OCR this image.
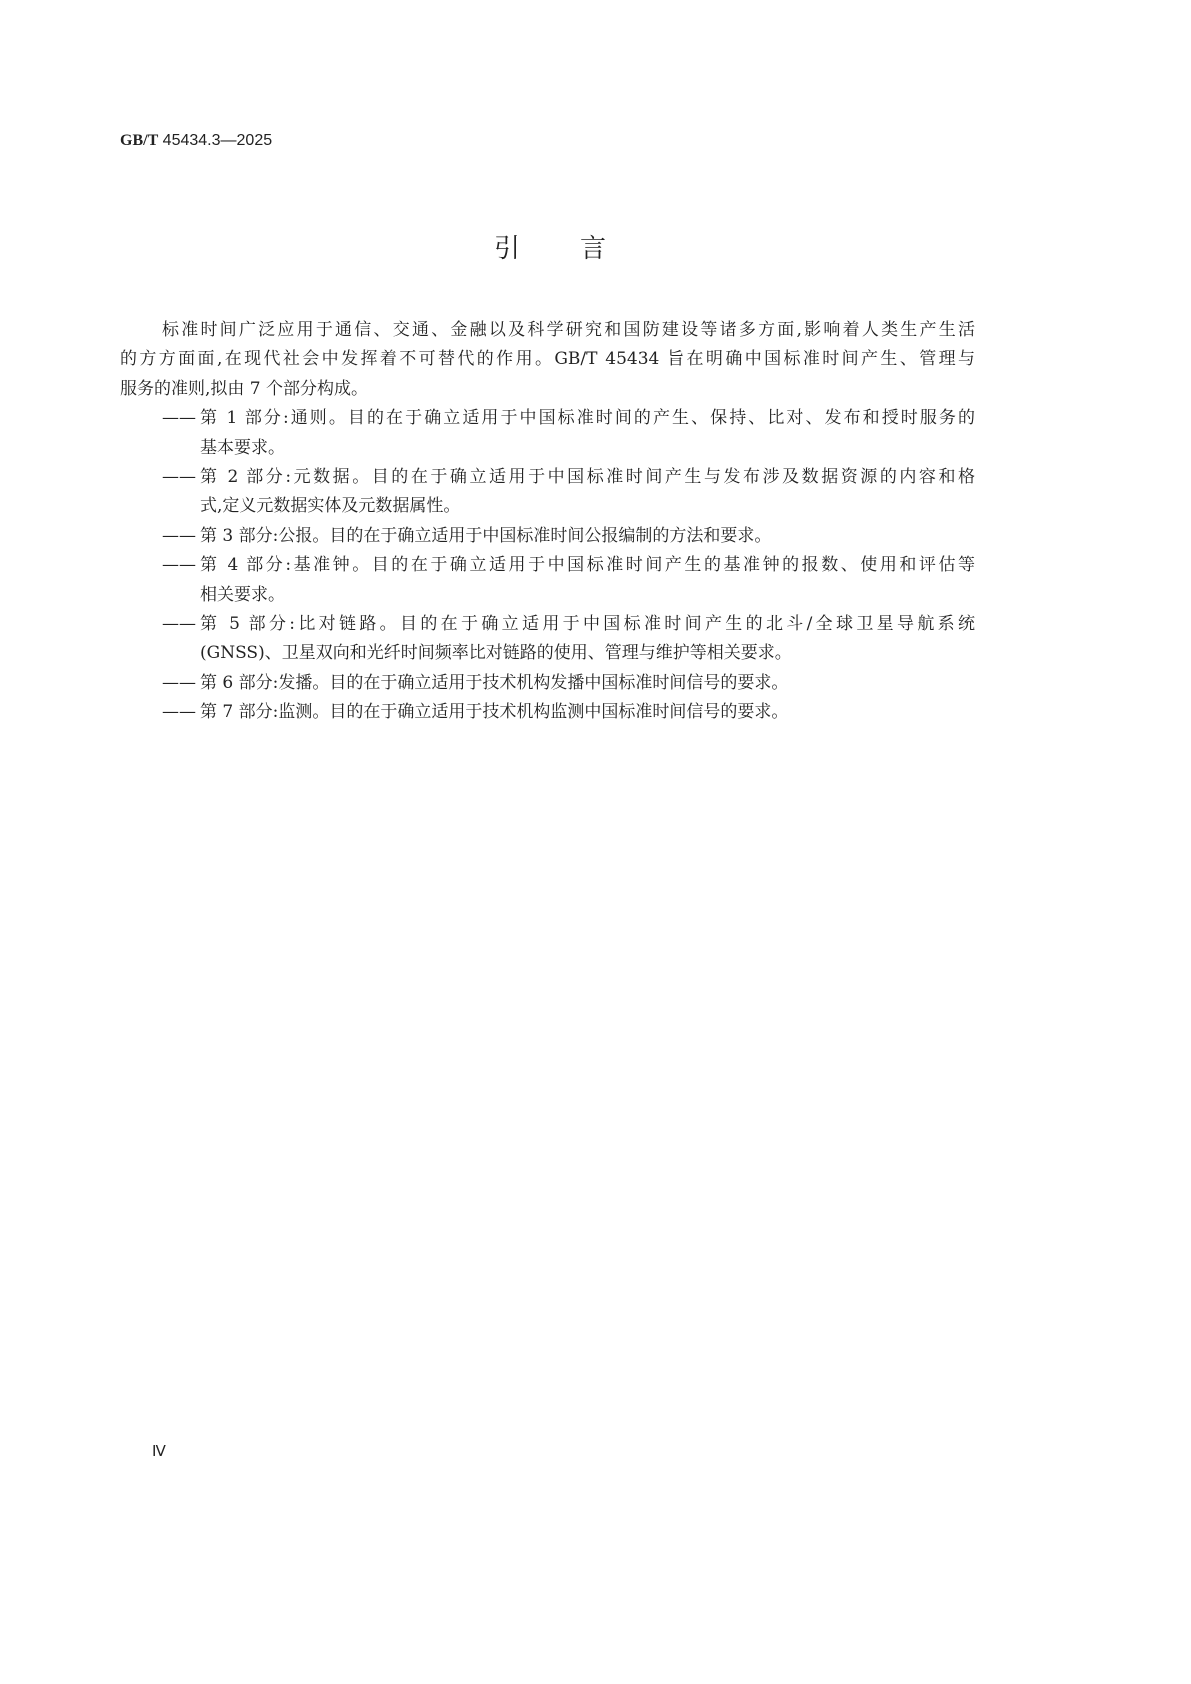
GB/T 45434.3—2025
引言
标准时间广泛应用于通信、交通、金融以及科学研究和国防建设等诸多方面,影响着人类生产生活
的方方面面,在现代社会中发挥着不可替代的作用。GB/T 45434 旨在明确中国标准时间产生、管理与
服务的准则,拟由 7 个部分构成。
—— 第 1 部分:通则。目的在于确立适用于中国标准时间的产生、保持、比对、发布和授时服务的
基本要求。
—— 第 2 部分:元数据。目的在于确立适用于中国标准时间产生与发布涉及数据资源的内容和格
式,定义元数据实体及元数据属性。
—— 第 3 部分:公报。目的在于确立适用于中国标准时间公报编制的方法和要求。
—— 第 4 部分:基准钟。目的在于确立适用于中国标准时间产生的基准钟的报数、使用和评估等
相关要求。
—— 第 5 部分:比对链路。目的在于确立适用于中国标准时间产生的北斗/全球卫星导航系统
(GNSS)、卫星双向和光纤时间频率比对链路的使用、管理与维护等相关要求。
—— 第 6 部分:发播。目的在于确立适用于技术机构发播中国标准时间信号的要求。
—— 第 7 部分:监测。目的在于确立适用于技术机构监测中国标准时间信号的要求。
Ⅳ
